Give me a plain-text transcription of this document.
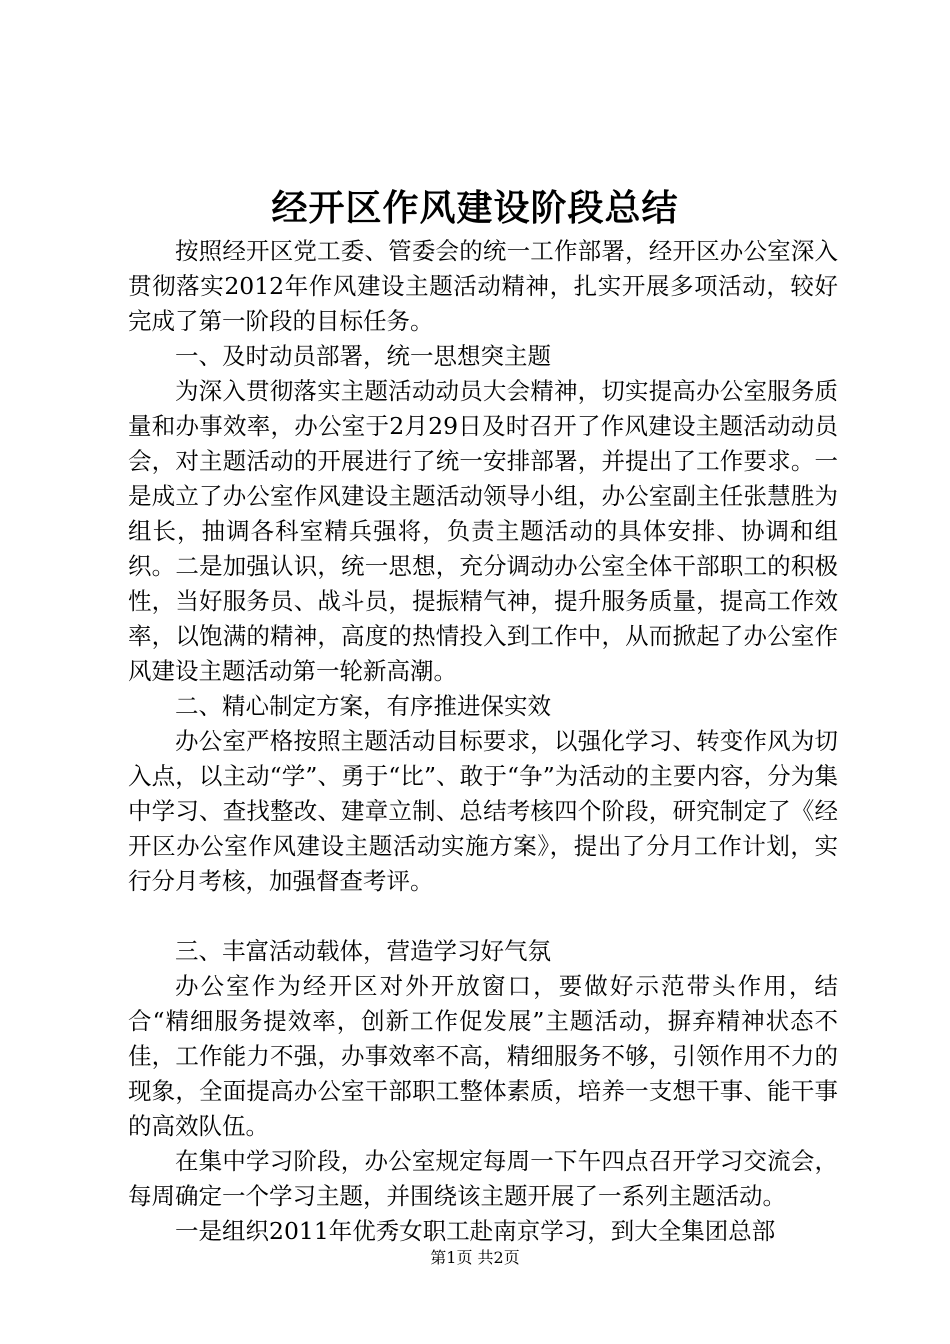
经开区作风建设阶段总结

按照经开区党工委、管委会的统一工作部署，经开区办公室深入贯彻落实2012年作风建设主题活动精神，扎实开展多项活动，较好完成了第一阶段的目标任务。

一、及时动员部署，统一思想突主题

为深入贯彻落实主题活动动员大会精神，切实提高办公室服务质量和办事效率，办公室于2月29日及时召开了作风建设主题活动动员会，对主题活动的开展进行了统一安排部署，并提出了工作要求。一是成立了办公室作风建设主题活动领导小组，办公室副主任张慧胜为组长，抽调各科室精兵强将，负责主题活动的具体安排、协调和组织。二是加强认识，统一思想，充分调动办公室全体干部职工的积极性，当好服务员、战斗员，提振精气神，提升服务质量，提高工作效率，以饱满的精神，高度的热情投入到工作中，从而掀起了办公室作风建设主题活动第一轮新高潮。

二、精心制定方案，有序推进保实效

办公室严格按照主题活动目标要求，以强化学习、转变作风为切入点，以主动“学”、勇于“比”、敢于“争”为活动的主要内容，分为集中学习、查找整改、建章立制、总结考核四个阶段，研究制定了《经开区办公室作风建设主题活动实施方案》，提出了分月工作计划，实行分月考核，加强督查考评。

三、丰富活动载体，营造学习好气氛

办公室作为经开区对外开放窗口，要做好示范带头作用，结合“精细服务提效率，创新工作促发展”主题活动，摒弃精神状态不佳，工作能力不强，办事效率不高，精细服务不够，引领作用不力的现象，全面提高办公室干部职工整体素质，培养一支想干事、能干事的高效队伍。

在集中学习阶段，办公室规定每周一下午四点召开学习交流会，每周确定一个学习主题，并围绕该主题开展了一系列主题活动。

一是组织2011年优秀女职工赴南京学习，到大全集团总部

第1页 共2页
